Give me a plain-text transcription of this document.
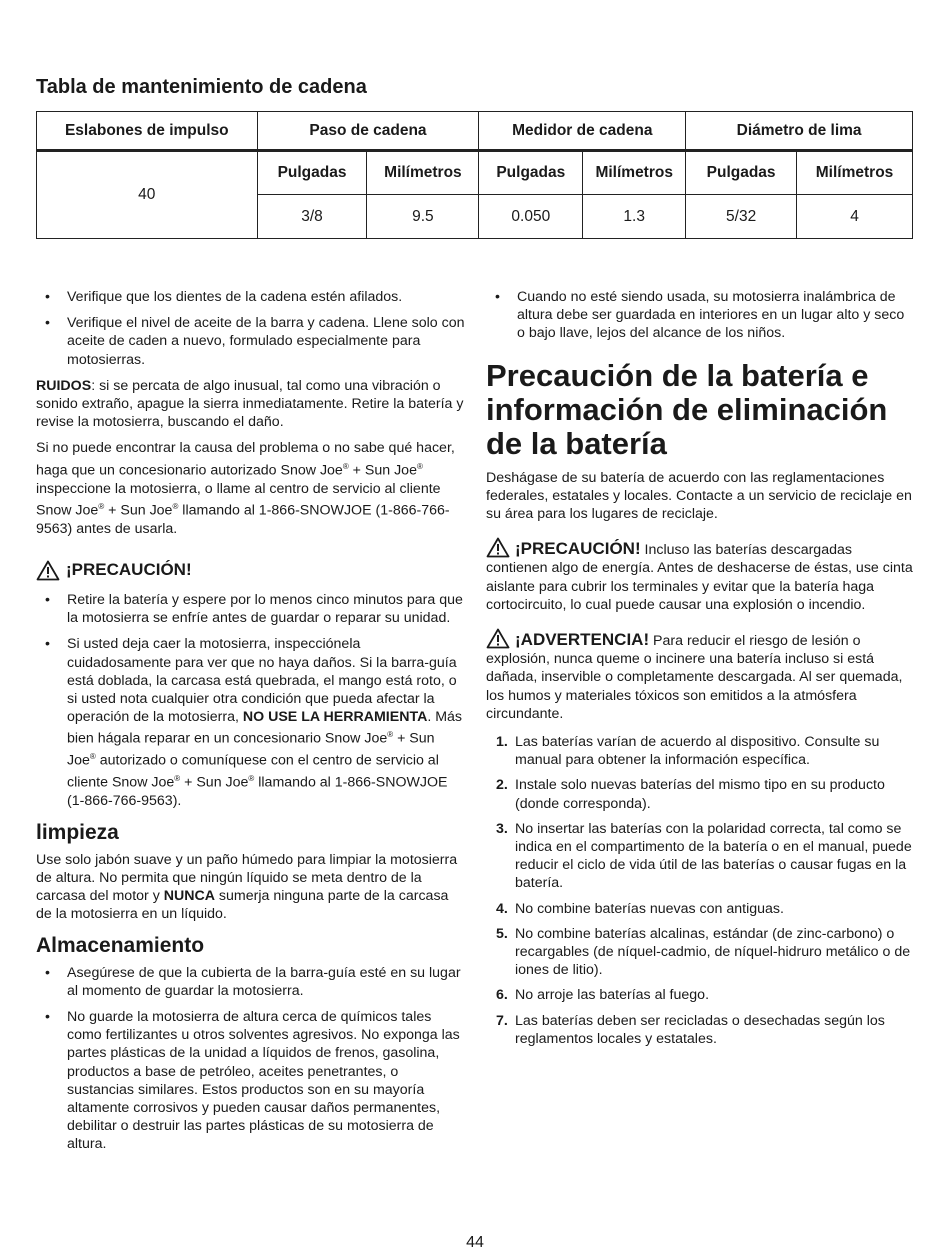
Tabla de mantenimiento de cadena
Eslabones de impulso	Paso de cadena		Medidor de cadena		Diámetro de lima	
40	Pulgadas	Milímetros	Pulgadas	Milímetros	Pulgadas	Milímetros
	3/8	9.5	0.050	1.3	5/32	4
• Verifique que los dientes de la cadena estén afilados.
• Verifique el nivel de aceite de la barra y cadena. Llene solo con aceite de caden a nuevo, formulado especialmente para motosierras.

RUIDOS: si se percata de algo inusual, tal como una vibración o sonido extraño, apague la sierra inmediatamente. Retire la batería y revise la motosierra, buscando el daño.

Si no puede encontrar la causa del problema o no sabe qué hacer, haga que un concesionario autorizado Snow Joe® + Sun Joe® inspeccione la motosierra, o llame al centro de servicio al cliente Snow Joe® + Sun Joe® llamando al 1-866-SNOWJOE (1-866-766-9563) antes de usarla.

¡PRECAUCIÓN!
• Retire la batería y espere por lo menos cinco minutos para que la motosierra se enfríe antes de guardar o reparar su unidad.
• Si usted deja caer la motosierra, inspecciónela cuidadosamente para ver que no haya daños. Si la barra-guía está doblada, la carcasa está quebrada, el mango está roto, o si usted nota cualquier otra condición que pueda afectar la operación de la motosierra, NO USE LA HERRAMIENTA. Más bien hágala reparar en un concesionario Snow Joe® + Sun Joe® autorizado o comuníquese con el centro de servicio al cliente Snow Joe® + Sun Joe® llamando al 1-866-SNOWJOE (1-866-766-9563).
limpieza

Use solo jabón suave y un paño húmedo para limpiar la motosierra de altura. No permita que ningún líquido se meta dentro de la carcasa del motor y NUNCA sumerja ninguna parte de la carcasa de la motosierra en un líquido.

Almacenamiento
• Asegúrese de que la cubierta de la barra-guía esté en su lugar al momento de guardar la motosierra.
• No guarde la motosierra de altura cerca de químicos tales como fertilizantes u otros solventes agresivos. No exponga las partes plásticas de la unidad a líquidos de frenos, gasolina, productos a base de petróleo, aceites penetrantes, o sustancias similares. Estos productos son en su mayoría altamente corrosivos y pueden causar daños permanentes, debilitar o destruir las partes plásticas de su motosierra de altura.
• Cuando no esté siendo usada, su motosierra inalámbrica de altura debe ser guardada en interiores en un lugar alto y seco o bajo llave, lejos del alcance de los niños.
Precaución de la batería e información de eliminación de la batería

Deshágase de su batería de acuerdo con las reglamentaciones federales, estatales y locales. Contacte a un servicio de reciclaje en su área para los lugares de reciclaje.

¡PRECAUCIÓN! Incluso las baterías descargadas contienen algo de energía. Antes de deshacerse de éstas, use cinta aislante para cubrir los terminales y evitar que la batería haga cortocircuito, lo cual puede causar una explosión o incendio.

¡ADVERTENCIA! Para reducir el riesgo de lesión o explosión, nunca queme o incinere una batería incluso si está dañada, inservible o completamente descargada. Al ser quemada, los humos y materiales tóxicos son emitidos a la atmósfera circundante.

1. Las baterías varían de acuerdo al dispositivo. Consulte su manual para obtener la información específica.
2. Instale solo nuevas baterías del mismo tipo en su producto (donde corresponda).
3. No insertar las baterías con la polaridad correcta, tal como se indica en el compartimento de la batería o en el manual, puede reducir el ciclo de vida útil de las baterías o causar fugas en la batería.
4. No combine baterías nuevas con antiguas.
5. No combine baterías alcalinas, estándar (de zinc-carbono) o recargables (de níquel-cadmio, de níquel-hidruro metálico o de iones de litio).
6. No arroje las baterías al fuego.
7. Las baterías deben ser recicladas o desechadas según los reglamentos locales y estatales.
44
